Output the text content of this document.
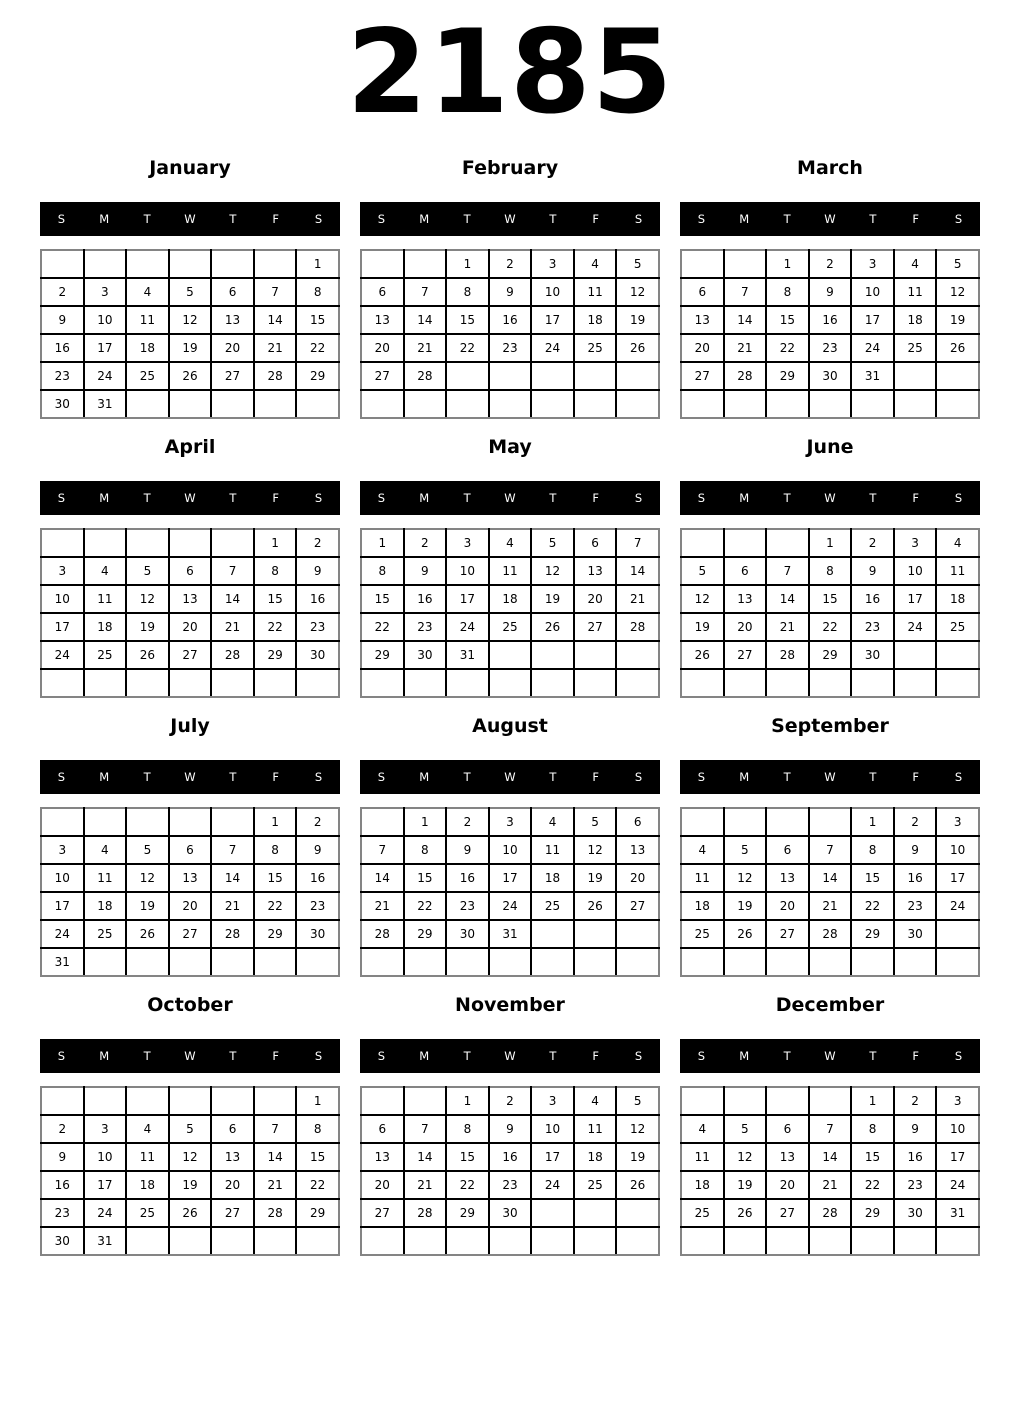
2185
January
S	M	T	W	T	F	S
						1
2	3	4	5	6	7	8
9	10	11	12	13	14	15
16	17	18	19	20	21	22
23	24	25	26	27	28	29
30	31					
February
S	M	T	W	T	F	S
		1	2	3	4	5
6	7	8	9	10	11	12
13	14	15	16	17	18	19
20	21	22	23	24	25	26
27	28					

March
S	M	T	W	T	F	S
		1	2	3	4	5
6	7	8	9	10	11	12
13	14	15	16	17	18	19
20	21	22	23	24	25	26
27	28	29	30	31		

April
S	M	T	W	T	F	S
					1	2
3	4	5	6	7	8	9
10	11	12	13	14	15	16
17	18	19	20	21	22	23
24	25	26	27	28	29	30

May
S	M	T	W	T	F	S
1	2	3	4	5	6	7
8	9	10	11	12	13	14
15	16	17	18	19	20	21
22	23	24	25	26	27	28
29	30	31				

June
S	M	T	W	T	F	S
			1	2	3	4
5	6	7	8	9	10	11
12	13	14	15	16	17	18
19	20	21	22	23	24	25
26	27	28	29	30		

July
S	M	T	W	T	F	S
					1	2
3	4	5	6	7	8	9
10	11	12	13	14	15	16
17	18	19	20	21	22	23
24	25	26	27	28	29	30
31						
August
S	M	T	W	T	F	S
	1	2	3	4	5	6
7	8	9	10	11	12	13
14	15	16	17	18	19	20
21	22	23	24	25	26	27
28	29	30	31			

September
S	M	T	W	T	F	S
				1	2	3
4	5	6	7	8	9	10
11	12	13	14	15	16	17
18	19	20	21	22	23	24
25	26	27	28	29	30	

October
S	M	T	W	T	F	S
						1
2	3	4	5	6	7	8
9	10	11	12	13	14	15
16	17	18	19	20	21	22
23	24	25	26	27	28	29
30	31					
November
S	M	T	W	T	F	S
		1	2	3	4	5
6	7	8	9	10	11	12
13	14	15	16	17	18	19
20	21	22	23	24	25	26
27	28	29	30			

December
S	M	T	W	T	F	S
				1	2	3
4	5	6	7	8	9	10
11	12	13	14	15	16	17
18	19	20	21	22	23	24
25	26	27	28	29	30	31
